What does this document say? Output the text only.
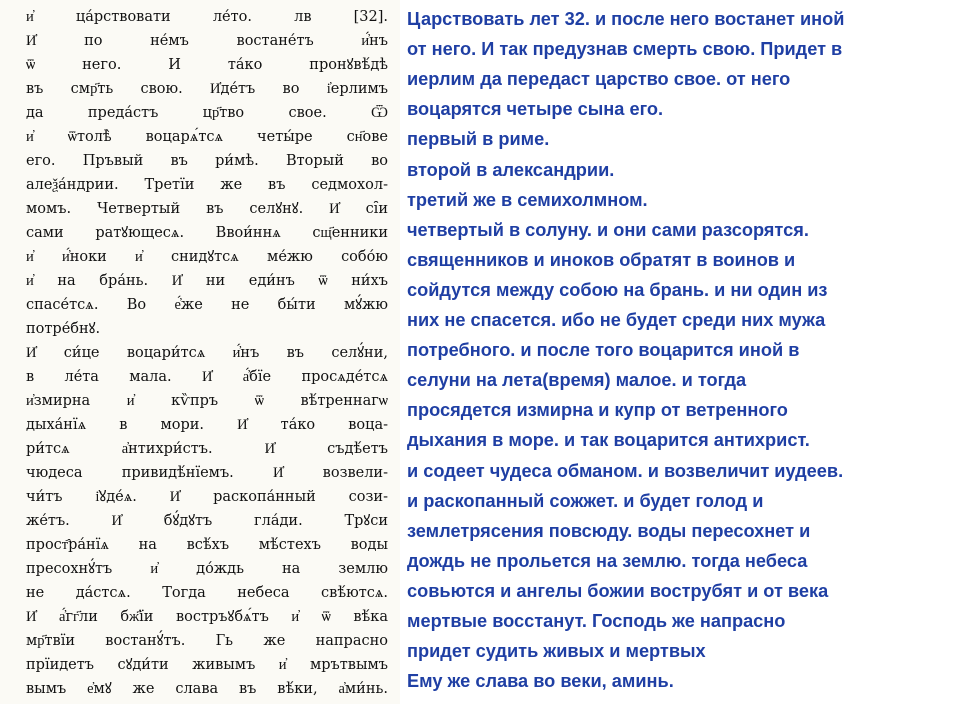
и҆ ца́рствовати ле́то. лв [32].
И҆ по не́мъ востане́тъ и҆́нъ
ѿ него. И та́ко пронꙋвѣ́дѣ
въ смр҃ть свою. И҆де́тъ во і҆ерлимъ
да преда́стъ цр҃тво свое. Ѿ
и҆ ѿтолѣ̀ воцарѧ́тсѧ четы́ре сн҃ове
его. Пръвый въ ри́мѣ. Вторый во
алеѯа́ндрии. Третїи же въ седмохол-
момъ. Четвертый въ селꙋнꙋ. И҆ сі̑и
сами ратꙋющесѧ. Ввои́ннѧ сщ҃енники
и҆ и҆́ноки и҆ снидꙋтсѧ ме́жю собо́ю
и҆ на бра́нь. И҆ ни еди́нъ ѿ ни́хъ
спасе́тсѧ. Во е҆́же не бы́ти мꙋ́жю
потре́бнꙋ.
И҆ си́це воцари́тсѧ и҆́нъ въ селꙋ́ни,
в ле́та мала. И҆ а҆́бїе просѧде́тсѧ
и҆змирна и҆ кѷпръ ѿ вѣ́треннагѡ
дыха́нїѧ в мори. И҆ та́ко воца-
ри́тсѧ а҆нтихри́стъ. И҆ съдѣ́етъ
чюдеса привидѣ́нїемъ. И҆ возвели-
чи́тъ і҆ꙋде́ѧ. И҆ раскопа́нный сози-
же́тъ. И҆ бꙋ́дꙋтъ гла́ди. Трꙋси
прост҄ра́нїѧ на всѣ́хъ мѣ́стехъ воды
пресохнꙋ́тъ и҆ до́ждь на землю
не да́стсѧ. Тогда небеса свѣ́ютсѧ.
И҆ а҆́гг҃ли бж҃їи востръꙋбѧ́тъ и҆ ѿ вѣ́ка
мр҃твїи востанꙋ́тъ. Гь же напрасно
прїидетъ сꙋди́ти живымъ и҆ мрътвымъ
вымъ е҆мꙋ же слава въ вѣ́ки, а҆ми́нь.
Царствовать лет 32. и после него востанет иной
от него. И так предузнав смерть свою. Придет в
иерлим да передаст царство свое. от него
воцарятся четыре сына его.
первый в риме.
второй в александрии.
третий же в семихолмном.
четвертый в солуну. и они сами разсорятся.
священников и иноков обратят в воинов и
сойдутся между собою на брань. и ни один из
них не спасется. ибо не будет среди них мужа
потребного. и после того воцарится иной в
селуни на лета(время) малое. и тогда
просядется измирна и купр от ветренного
дыхания в море. и так воцарится антихрист.
и содеет чудеса обманом. и возвеличит иудеев.
и раскопанный сожжет. и будет голод и
землетрясения повсюду. воды пересохнет и
дождь не прольется на землю. тогда небеса
совьются и ангелы божии вострубят и от века
мертвые восстанут. Господь же напрасно
придет судить живых и мертвых
Ему же слава во веки, аминь.
